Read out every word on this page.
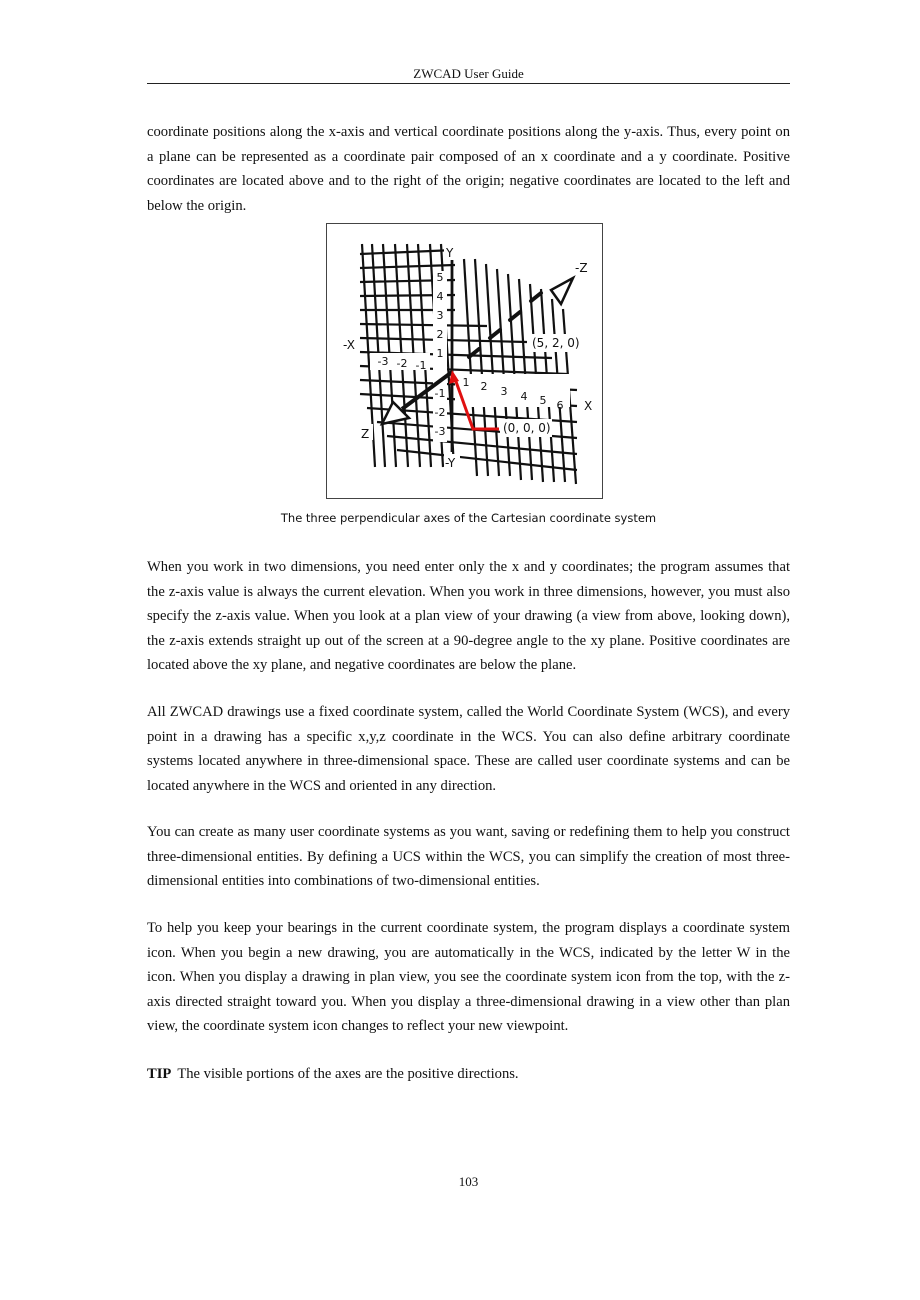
ZWCAD User Guide

coordinate positions along the x-axis and vertical coordinate positions along the y-axis. Thus, every point on a plane can be represented as a coordinate pair composed of an x coordinate and a y coordinate. Positive coordinates are located above and to the right of the origin; negative coordinates are located to the left and below the origin.

Y
-Y
X
-X
Z
-Z
(5, 2, 0)
(0, 0, 0)
5
4
3
2
1
-1
-2
-3
1 2 3 4 5 6
-3 -2 -1
The three perpendicular axes of the Cartesian coordinate system

When you work in two dimensions, you need enter only the x and y coordinates; the program assumes that the z-axis value is always the current elevation. When you work in three dimensions, however, you must also specify the z-axis value. When you look at a plan view of your drawing (a view from above, looking down), the z-axis extends straight up out of the screen at a 90-degree angle to the xy plane. Positive coordinates are located above the xy plane, and negative coordinates are below the plane.

All ZWCAD drawings use a fixed coordinate system, called the World Coordinate System (WCS), and every point in a drawing has a specific x,y,z coordinate in the WCS. You can also define arbitrary coordinate systems located anywhere in three-dimensional space. These are called user coordinate systems and can be located anywhere in the WCS and oriented in any direction.

You can create as many user coordinate systems as you want, saving or redefining them to help you construct three-dimensional entities. By defining a UCS within the WCS, you can simplify the creation of most three-dimensional entities into combinations of two-dimensional entities.

To help you keep your bearings in the current coordinate system, the program displays a coordinate system icon. When you begin a new drawing, you are automatically in the WCS, indicated by the letter W in the icon. When you display a drawing in plan view, you see the coordinate system icon from the top, with the z-axis directed straight toward you. When you display a three-dimensional drawing in a view other than plan view, the coordinate system icon changes to reflect your new viewpoint.

TIP The visible portions of the axes are the positive directions.
103
